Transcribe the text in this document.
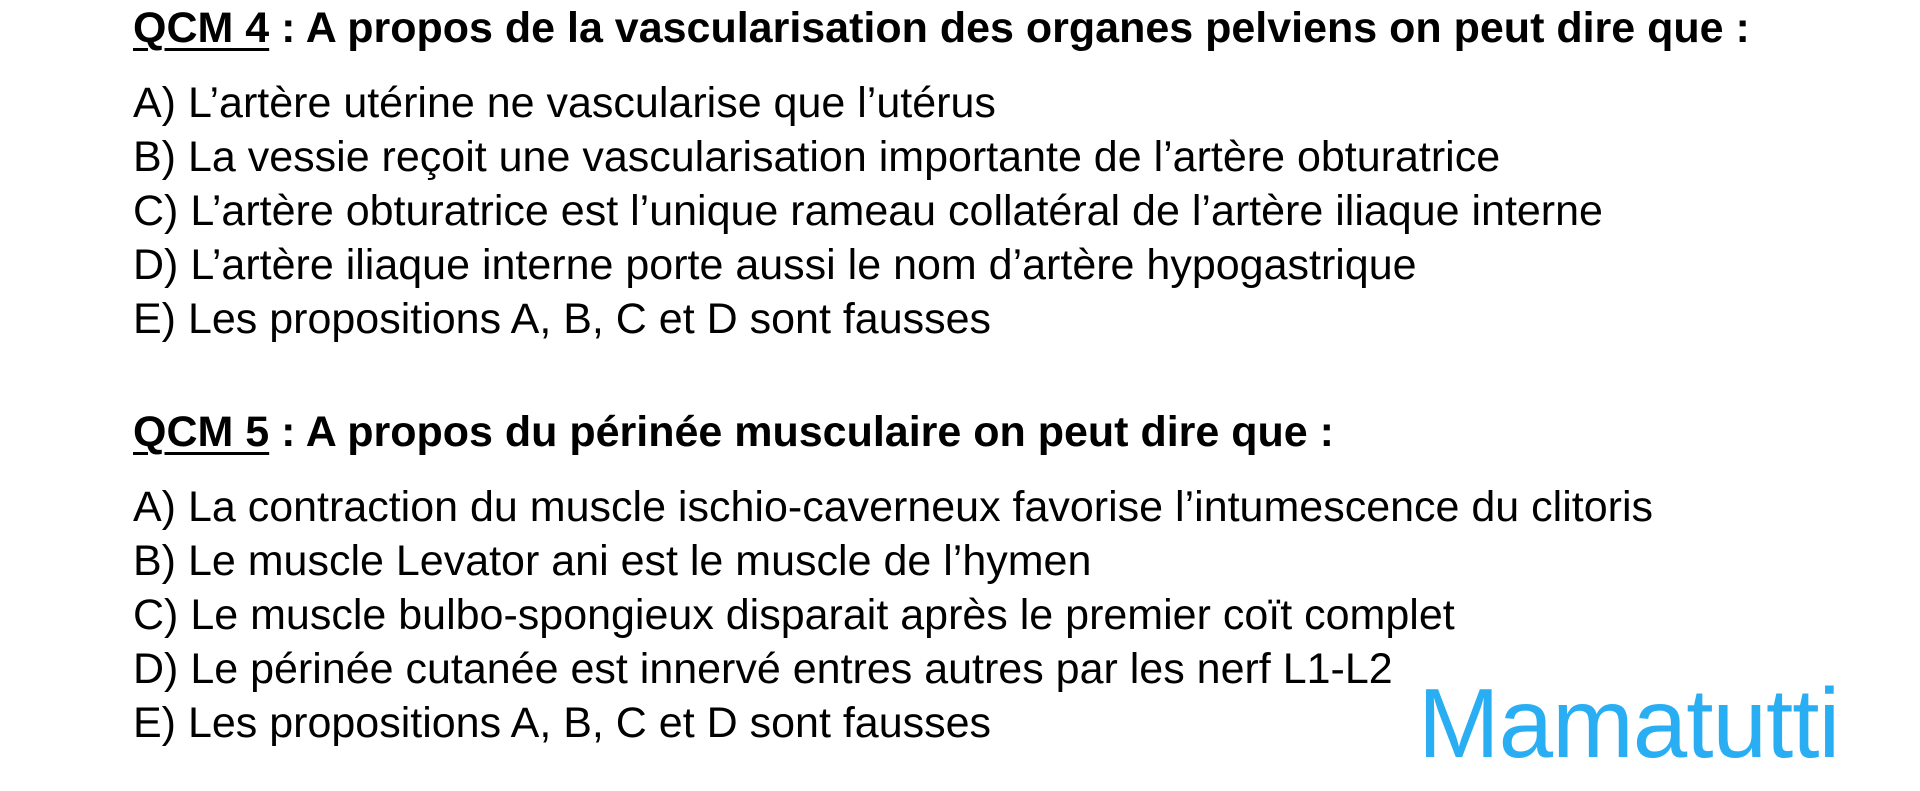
QCM 4 : A propos de la vascularisation des organes pelviens on peut dire que :
A) L’artère utérine ne vascularise que l’utérus
B) La vessie reçoit une vascularisation importante de l’artère obturatrice
C) L’artère obturatrice est l’unique rameau collatéral de l’artère iliaque interne
D) L’artère iliaque interne porte aussi le nom d’artère hypogastrique
E) Les propositions A, B, C et D sont fausses
QCM 5 : A propos du périnée musculaire on peut dire que :
A) La contraction du muscle ischio-caverneux favorise l’intumescence du clitoris
B) Le muscle Levator ani est le muscle de l’hymen
C) Le muscle bulbo-spongieux disparait après le premier coït complet
D) Le périnée cutanée est innervé entres autres par les nerf L1-L2
E) Les propositions A, B, C et D sont fausses	Mamatutti
